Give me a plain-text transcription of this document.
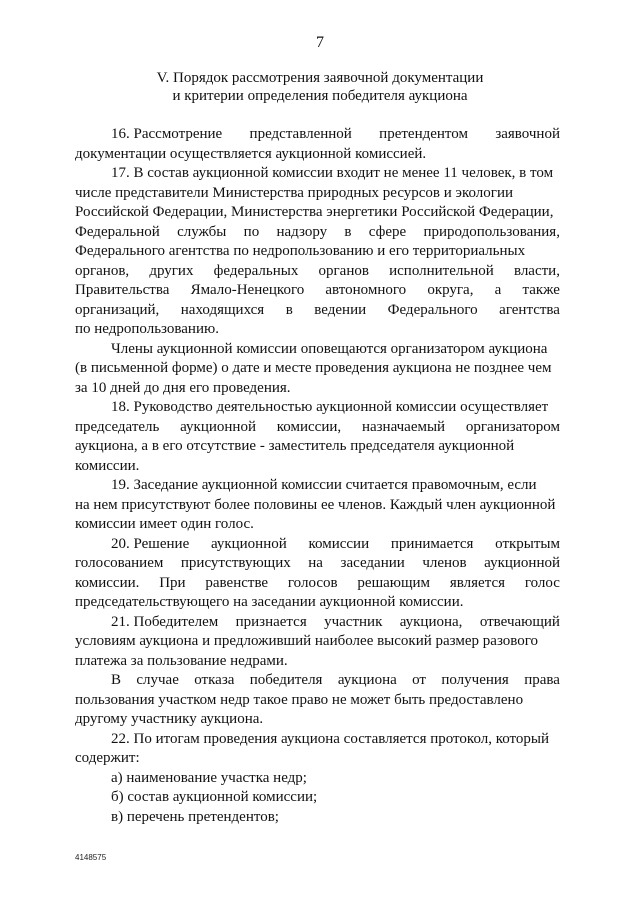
7
V. Порядок рассмотрения заявочной документации
и критерии определения победителя аукциона
16. Рассмотрение представленной претендентом заявочной
документации осуществляется аукционной комиссией.
17. В состав аукционной комиссии входит не менее 11 человек, в том
числе представители Министерства природных ресурсов и экологии
Российской Федерации, Министерства энергетики Российской Федерации,
Федеральной службы по надзору в сфере природопользования,
Федерального агентства по недропользованию и его территориальных
органов, других федеральных органов исполнительной власти,
Правительства Ямало-Ненецкого автономного округа, а также
организаций, находящихся в ведении Федерального агентства
по недропользованию.
Члены аукционной комиссии оповещаются организатором аукциона
(в письменной форме) о дате и месте проведения аукциона не позднее чем
за 10 дней до дня его проведения.
18. Руководство деятельностью аукционной комиссии осуществляет
председатель аукционной комиссии, назначаемый организатором
аукциона, а в его отсутствие - заместитель председателя аукционной
комиссии.
19. Заседание аукционной комиссии считается правомочным, если
на нем присутствуют более половины ее членов. Каждый член аукционной
комиссии имеет один голос.
20. Решение аукционной комиссии принимается открытым
голосованием присутствующих на заседании членов аукционной
комиссии. При равенстве голосов решающим является голос
председательствующего на заседании аукционной комиссии.
21. Победителем признается участник аукциона, отвечающий
условиям аукциона и предложивший наиболее высокий размер разового
платежа за пользование недрами.
В случае отказа победителя аукциона от получения права
пользования участком недр такое право не может быть предоставлено
другому участнику аукциона.
22. По итогам проведения аукциона составляется протокол, который
содержит:
а) наименование участка недр;
б) состав аукционной комиссии;
в) перечень претендентов;
4148575
